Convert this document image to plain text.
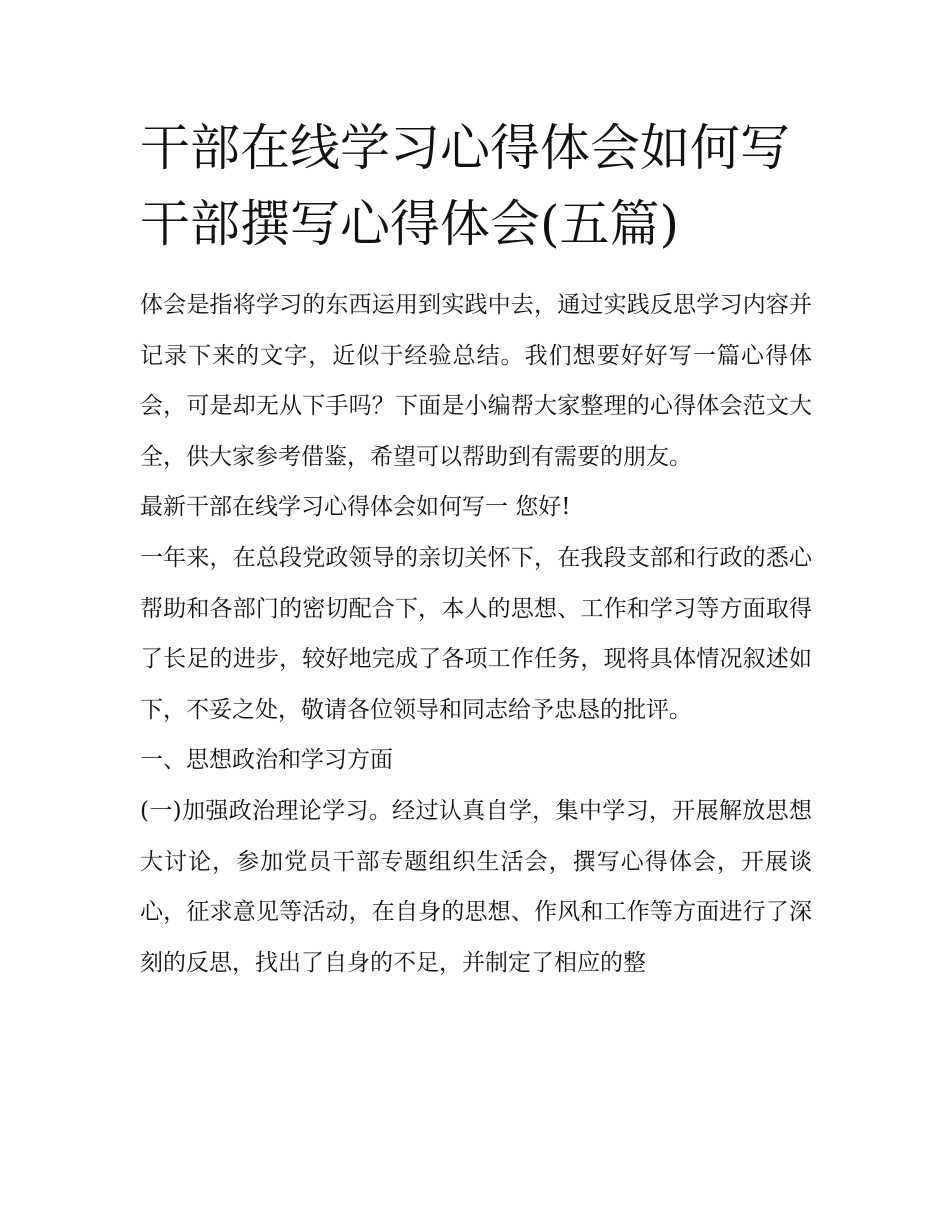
干部在线学习心得体会如何写
干部撰写心得体会(五篇)

体会是指将学习的东西运用到实践中去，通过实践反思学习内容并记录下来的文字，近似于经验总结。我们想要好好写一篇心得体会，可是却无从下手吗？下面是小编帮大家整理的心得体会范文大全，供大家参考借鉴，希望可以帮助到有需要的朋友。

最新干部在线学习心得体会如何写一 您好!

一年来，在总段党政领导的亲切关怀下，在我段支部和行政的悉心帮助和各部门的密切配合下，本人的思想、工作和学习等方面取得了长足的进步，较好地完成了各项工作任务，现将具体情况叙述如下，不妥之处，敬请各位领导和同志给予忠恳的批评。

一、思想政治和学习方面

(一)加强政治理论学习。经过认真自学，集中学习，开展解放思想大讨论，参加党员干部专题组织生活会，撰写心得体会，开展谈心，征求意见等活动，在自身的思想、作风和工作等方面进行了深刻的反思，找出了自身的不足，并制定了相应的整
